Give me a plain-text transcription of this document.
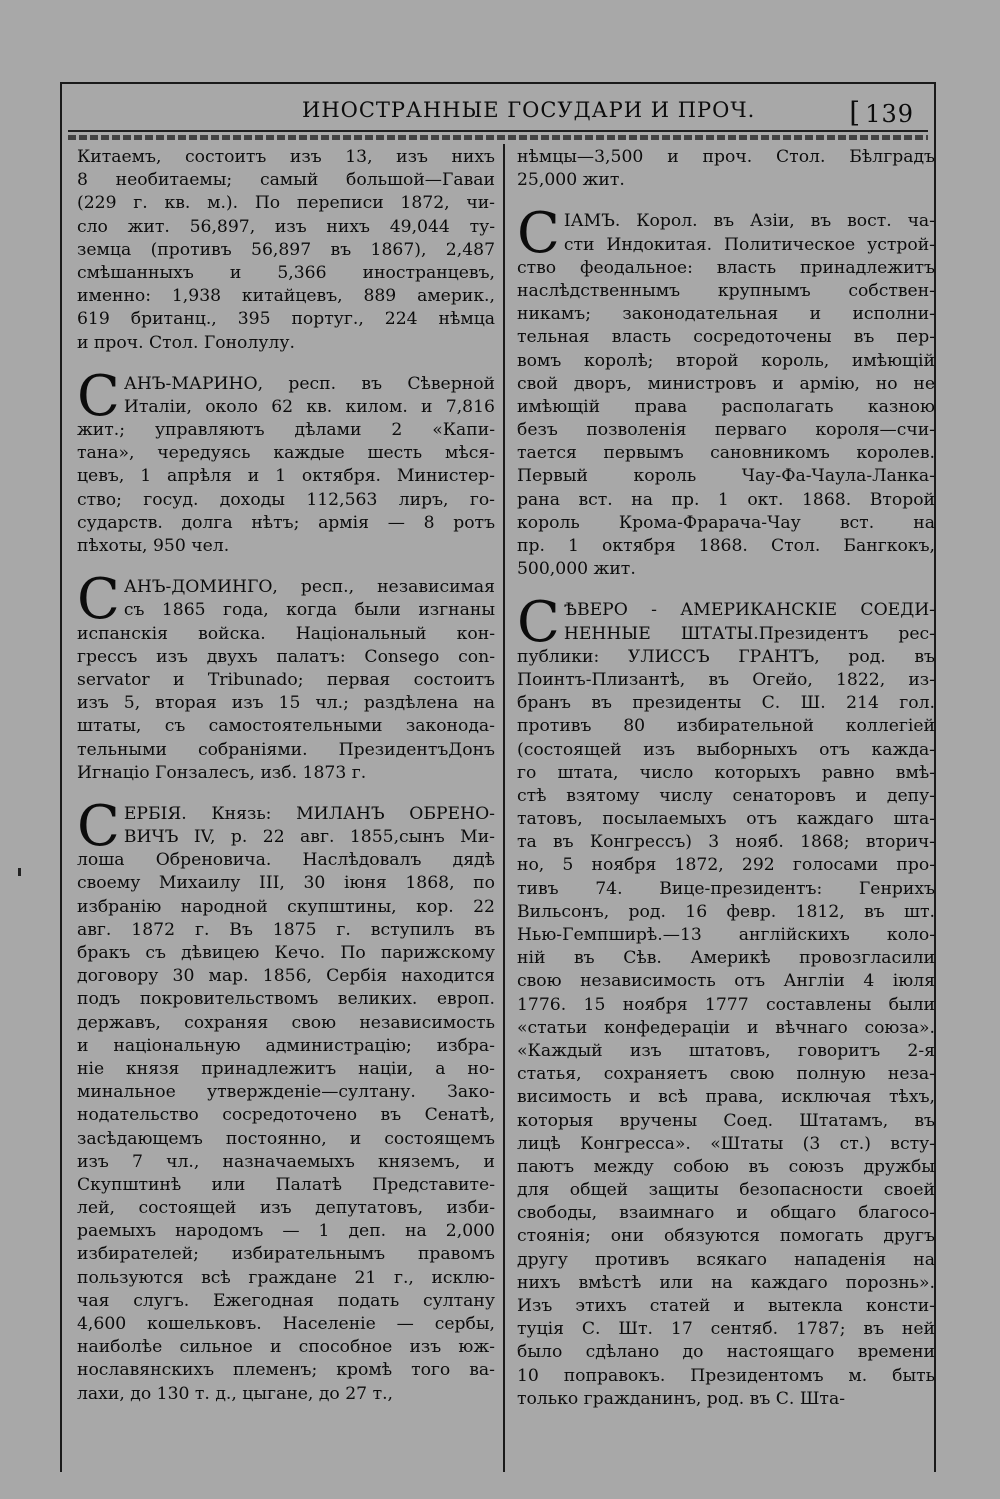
ИНОСТРАННЫЕ ГОСУДАРИ И ПРОЧ.	[ 139
Китаемъ, состоитъ изъ 13, изъ нихъ
8 необитаемы; самый большой—Гаваи
(229 г. кв. м.). По переписи 1872, чи-
сло жит. 56,897, изъ нихъ 49,044 ту-
земца (противъ 56,897 въ 1867), 2,487
смѣшанныхъ и 5,366 иностранцевъ,
именно: 1,938 китайцевъ, 889 америк.,
619 британц., 395 португ., 224 нѣмца
и проч. Стол. Гонолулу.
С АНЪ-МАРИНО, респ. въ Сѣверной
Италіи, около 62 кв. килом. и 7,816
жит.; управляютъ дѣлами 2 «Капи-
тана», чередуясь каждые шесть мѣся-
цевъ, 1 апрѣля и 1 октября. Министер-
ство; госуд. доходы 112,563 лиръ, го-
сударств. долга нѣтъ; армія — 8 ротъ
пѣхоты, 950 чел.
С АНЪ-ДОМИНГО, респ., независимая
съ 1865 года, когда были изгнаны
испанскія войска. Національный кон-
грессъ изъ двухъ палатъ: Consego con-
servator и Tribunado; первая состоитъ
изъ 5, вторая изъ 15 чл.; раздѣлена на
штаты, съ самостоятельными законода-
тельными собраніями. ПрезидентъДонъ
Игнаціо Гонзалесъ, изб. 1873 г.
С ЕРБІЯ. Князь: МИЛАНЪ ОБРЕНО-
ВИЧЪ IV, р. 22 авг. 1855,сынъ Ми-
лоша Обреновича. Наслѣдовалъ дядѣ
своему Михаилу III, 30 іюня 1868, по
избранію народной скупштины, кор. 22
авг. 1872 г. Въ 1875 г. вступилъ въ
бракъ съ дѣвицею Кечо. По парижскому
договору 30 мар. 1856, Сербія находится
подъ покровительствомъ великих. европ.
державъ, сохраняя свою независимость
и національную администрацію; избра-
ніе князя принадлежитъ націи, а но-
минальное утвержденіе—султану. Зако-
нодательство сосредоточено въ Сенатѣ,
засѣдающемъ постоянно, и состоящемъ
изъ 7 чл., назначаемыхъ княземъ, и
Скупштинѣ или Палатѣ Представите-
лей, состоящей изъ депутатовъ, изби-
раемыхъ народомъ — 1 деп. на 2,000
избирателей; избирательнымъ правомъ
пользуются всѣ граждане 21 г., исклю-
чая слугъ. Ежегодная подать султану
4,600 кошельковъ. Населеніе — сербы,
наиболѣе сильное и способное изъ юж-
нославянскихъ племенъ; кромѣ того ва-
лахи, до 130 т. д., цыгане, до 27 т.,
нѣмцы—3,500 и проч. Стол. Бѣлградъ
25,000 жит.
С ІАМЪ. Корол. въ Азіи, въ вост. ча-
сти Индокитая. Политическое устрой-
ство феодальное: власть принадлежитъ
наслѣдственнымъ крупнымъ собствен-
никамъ; законодательная и исполни-
тельная власть сосредоточены въ пер-
вомъ королѣ; второй король, имѣющій
свой дворъ, министровъ и армію, но не
имѣющій права располагать казною
безъ позволенія перваго короля—счи-
тается первымъ сановникомъ королев.
Первый король Чау-Фа-Чаула-Ланка-
рана вст. на пр. 1 окт. 1868. Второй
король Крома-Фрарача-Чау вст. на
пр. 1 октября 1868. Стол. Бангкокъ,
500,000 жит.
С ѢВЕРО - АМЕРИКАНСКІЕ СОЕДИ-
НЕННЫЕ ШТАТЫ.Президентъ рес-
публики: УЛИССЪ ГРАНТЪ, род. въ
Поинтъ-Плизантѣ, въ Огейо, 1822, из-
бранъ въ президенты С. Ш. 214 гол.
противъ 80 избирательной коллегіей
(состоящей изъ выборныхъ отъ кажда-
го штата, число которыхъ равно вмѣ-
стѣ взятому числу сенаторовъ и депу-
татовъ, посылаемыхъ отъ каждаго шта-
та въ Конгрессъ) 3 нояб. 1868; вторич-
но, 5 ноября 1872, 292 голосами про-
тивъ 74. Вице-президентъ: Генрихъ
Вильсонъ, род. 16 февр. 1812, въ шт.
Нью-Гемпширѣ.—13 англійскихъ коло-
ній въ Сѣв. Америкѣ провозгласили
свою независимость отъ Англіи 4 іюля
1776. 15 ноября 1777 составлены были
«статьи конфедераціи и вѣчнаго союза».
«Каждый изъ штатовъ, говоритъ 2-я
статья, сохраняетъ свою полную неза-
висимость и всѣ права, исключая тѣхъ,
которыя вручены Соед. Штатамъ, въ
лицѣ Конгресса». «Штаты (3 ст.) всту-
паютъ между собою въ союзъ дружбы
для общей защиты безопасности своей
свободы, взаимнаго и общаго благосо-
стоянія; они обязуются помогать другъ
другу противъ всякаго нападенія на
нихъ вмѣстѣ или на каждаго порознь».
Изъ этихъ статей и вытекла консти-
туція С. Шт. 17 сентяб. 1787; въ ней
было сдѣлано до настоящаго времени
10 поправокъ. Президентомъ м. быть
только гражданинъ, род. въ С. Шта-
